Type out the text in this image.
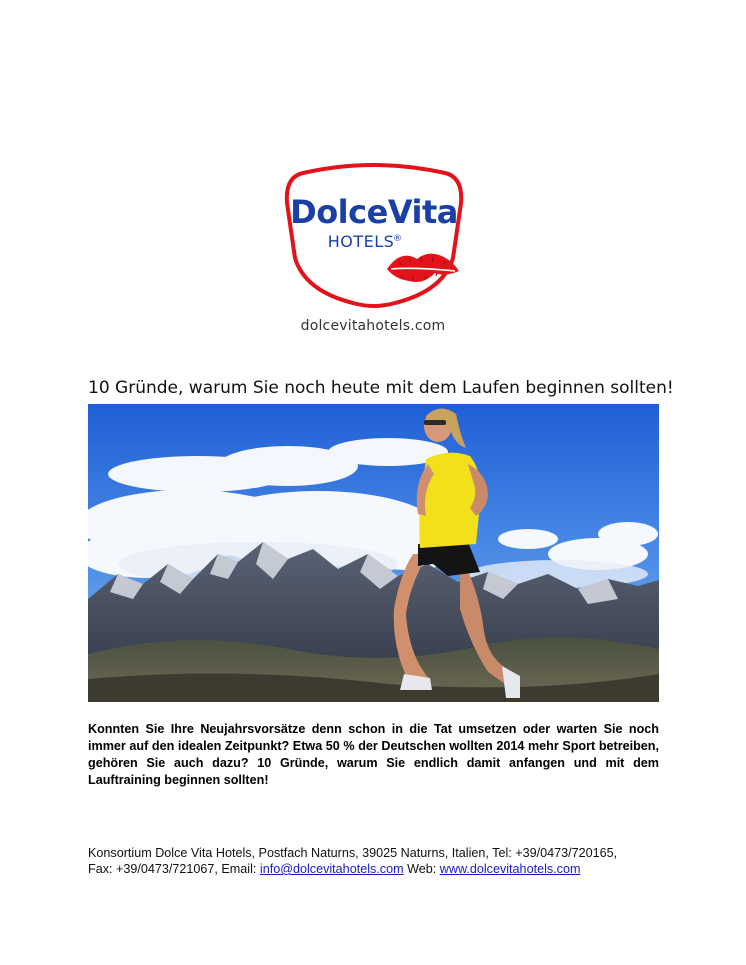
DolceVita
HOTELS
®
dolcevitahotels.com
10 Gründe, warum Sie noch heute mit dem Laufen beginnen sollten!
Konnten Sie Ihre Neujahrsvorsätze denn schon in die Tat umsetzen oder warten Sie noch immer auf den idealen Zeitpunkt? Etwa 50 % der Deutschen wollten 2014 mehr Sport betreiben, gehören Sie auch dazu? 10 Gründe, warum Sie endlich damit anfangen und mit dem Lauftraining beginnen sollten!
Konsortium Dolce Vita Hotels, Postfach Naturns, 39025 Naturns, Italien, Tel: +39/0473/720165,
Fax: +39/0473/721067, Email: info@dolcevitahotels.com Web: www.dolcevitahotels.com
